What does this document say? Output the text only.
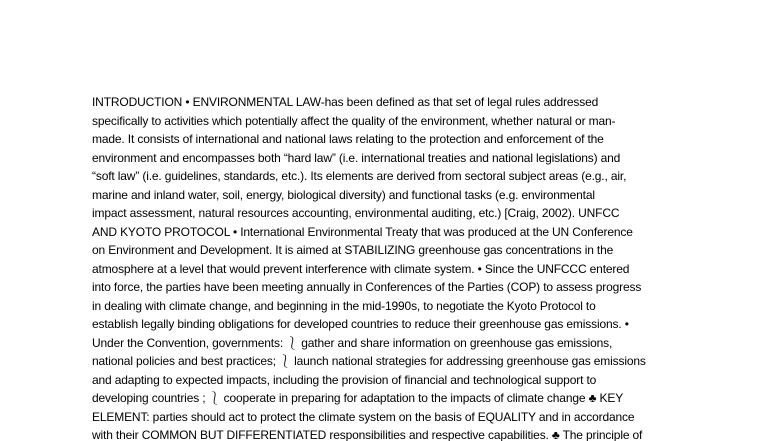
INTRODUCTION • ENVIRONMENTAL LAW-has been defined as that set of legal rules addressed
specifically to activities which potentially affect the quality of the environment, whether natural or man-
made. It consists of international and national laws relating to the protection and enforcement of the
environment and encompasses both “hard law” (i.e. international treaties and national legislations) and
“soft law” (i.e. guidelines, standards, etc.). Its elements are derived from sectoral subject areas (e.g., air,
marine and inland water, soil, energy, biological diversity) and functional tasks (e.g. environmental
impact assessment, natural resources accounting, environmental auditing, etc.) [Craig, 2002). UNFCC
AND KYOTO PROTOCOL • International Environmental Treaty that was produced at the UN Conference
on Environment and Development. It is aimed at STABILIZING greenhouse gas concentrations in the
atmosphere at a level that would prevent interference with climate system. • Since the UNFCCC entered
into force, the parties have been meeting annually in Conferences of the Parties (COP) to assess progress
in dealing with climate change, and beginning in the mid-1990s, to negotiate the Kyoto Protocol to
establish legally binding obligations for developed countries to reduce their greenhouse gas emissions. •
Under the Convention, governments: ⎱ gather and share information on greenhouse gas emissions,
national policies and best practices; ⎱ launch national strategies for addressing greenhouse gas emissions
and adapting to expected impacts, including the provision of financial and technological support to
developing countries ; ⎱ cooperate in preparing for adaptation to the impacts of climate change ♣ KEY
ELEMENT: parties should act to protect the climate system on the basis of EQUALITY and in accordance
with their COMMON BUT DIFFERENTIATED responsibilities and respective capabilities. ♣ The principle of
